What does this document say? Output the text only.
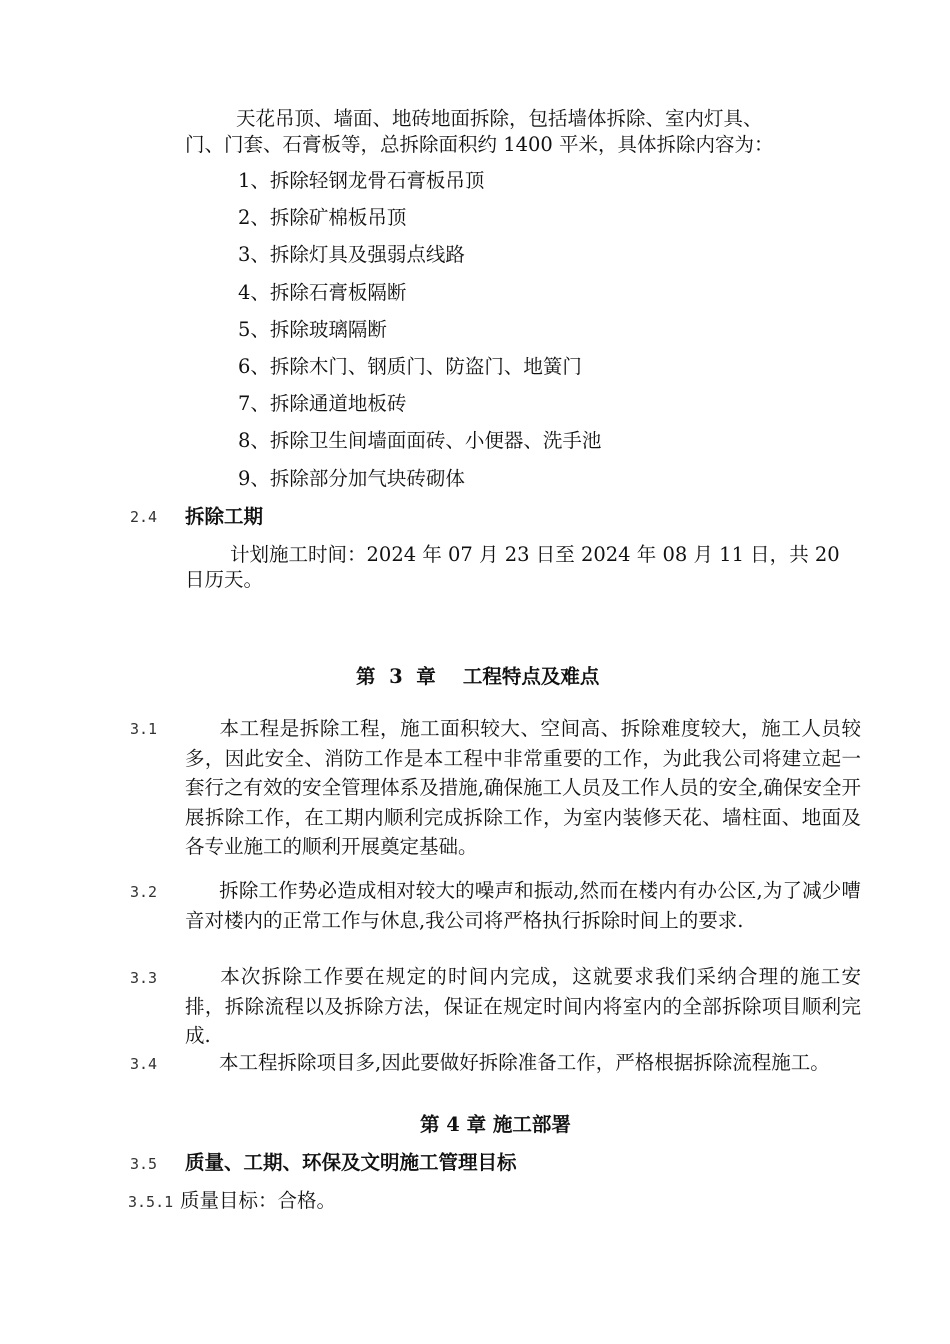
天花吊顶、墙面、地砖地面拆除，包括墙体拆除、室内灯具、
门、门套、石膏板等，总拆除面积约 1400 平米，具体拆除内容为：
1、拆除轻钢龙骨石膏板吊顶
2、拆除矿棉板吊顶
3、拆除灯具及强弱点线路
4、拆除石膏板隔断
5、拆除玻璃隔断
6、拆除木门、钢质门、防盗门、地簧门
7、拆除通道地板砖
8、拆除卫生间墙面面砖、小便器、洗手池
9、拆除部分加气块砖砌体
2.4 拆除工期
计划施工时间：2024 年 07 月 23 日至 2024 年 08 月 11 日，共 20
日历天。
第  3  章    工程特点及难点
3.1	本工程是拆除工程，施工面积较大、空间高、拆除难度较大，施工人员较多，因此安全、消防工作是本工程中非常重要的工作，为此我公司将建立起一套行之有效的安全管理体系及措施,确保施工人员及工作人员的安全,确保安全开展拆除工作，在工期内顺利完成拆除工作，为室内装修天花、墙柱面、地面及各专业施工的顺利开展奠定基础。
3.2	拆除工作势必造成相对较大的噪声和振动,然而在楼内有办公区,为了减少嘈音对楼内的正常工作与休息,我公司将严格执行拆除时间上的要求.
3.3	本次拆除工作要在规定的时间内完成，这就要求我们采纳合理的施工安排，拆除流程以及拆除方法，保证在规定时间内将室内的全部拆除项目顺利完成.
3.4	本工程拆除项目多,因此要做好拆除准备工作，严格根据拆除流程施工。
第 4 章 施工部署
3.5 质量、工期、环保及文明施工管理目标
3.5.1 质量目标：合格。
